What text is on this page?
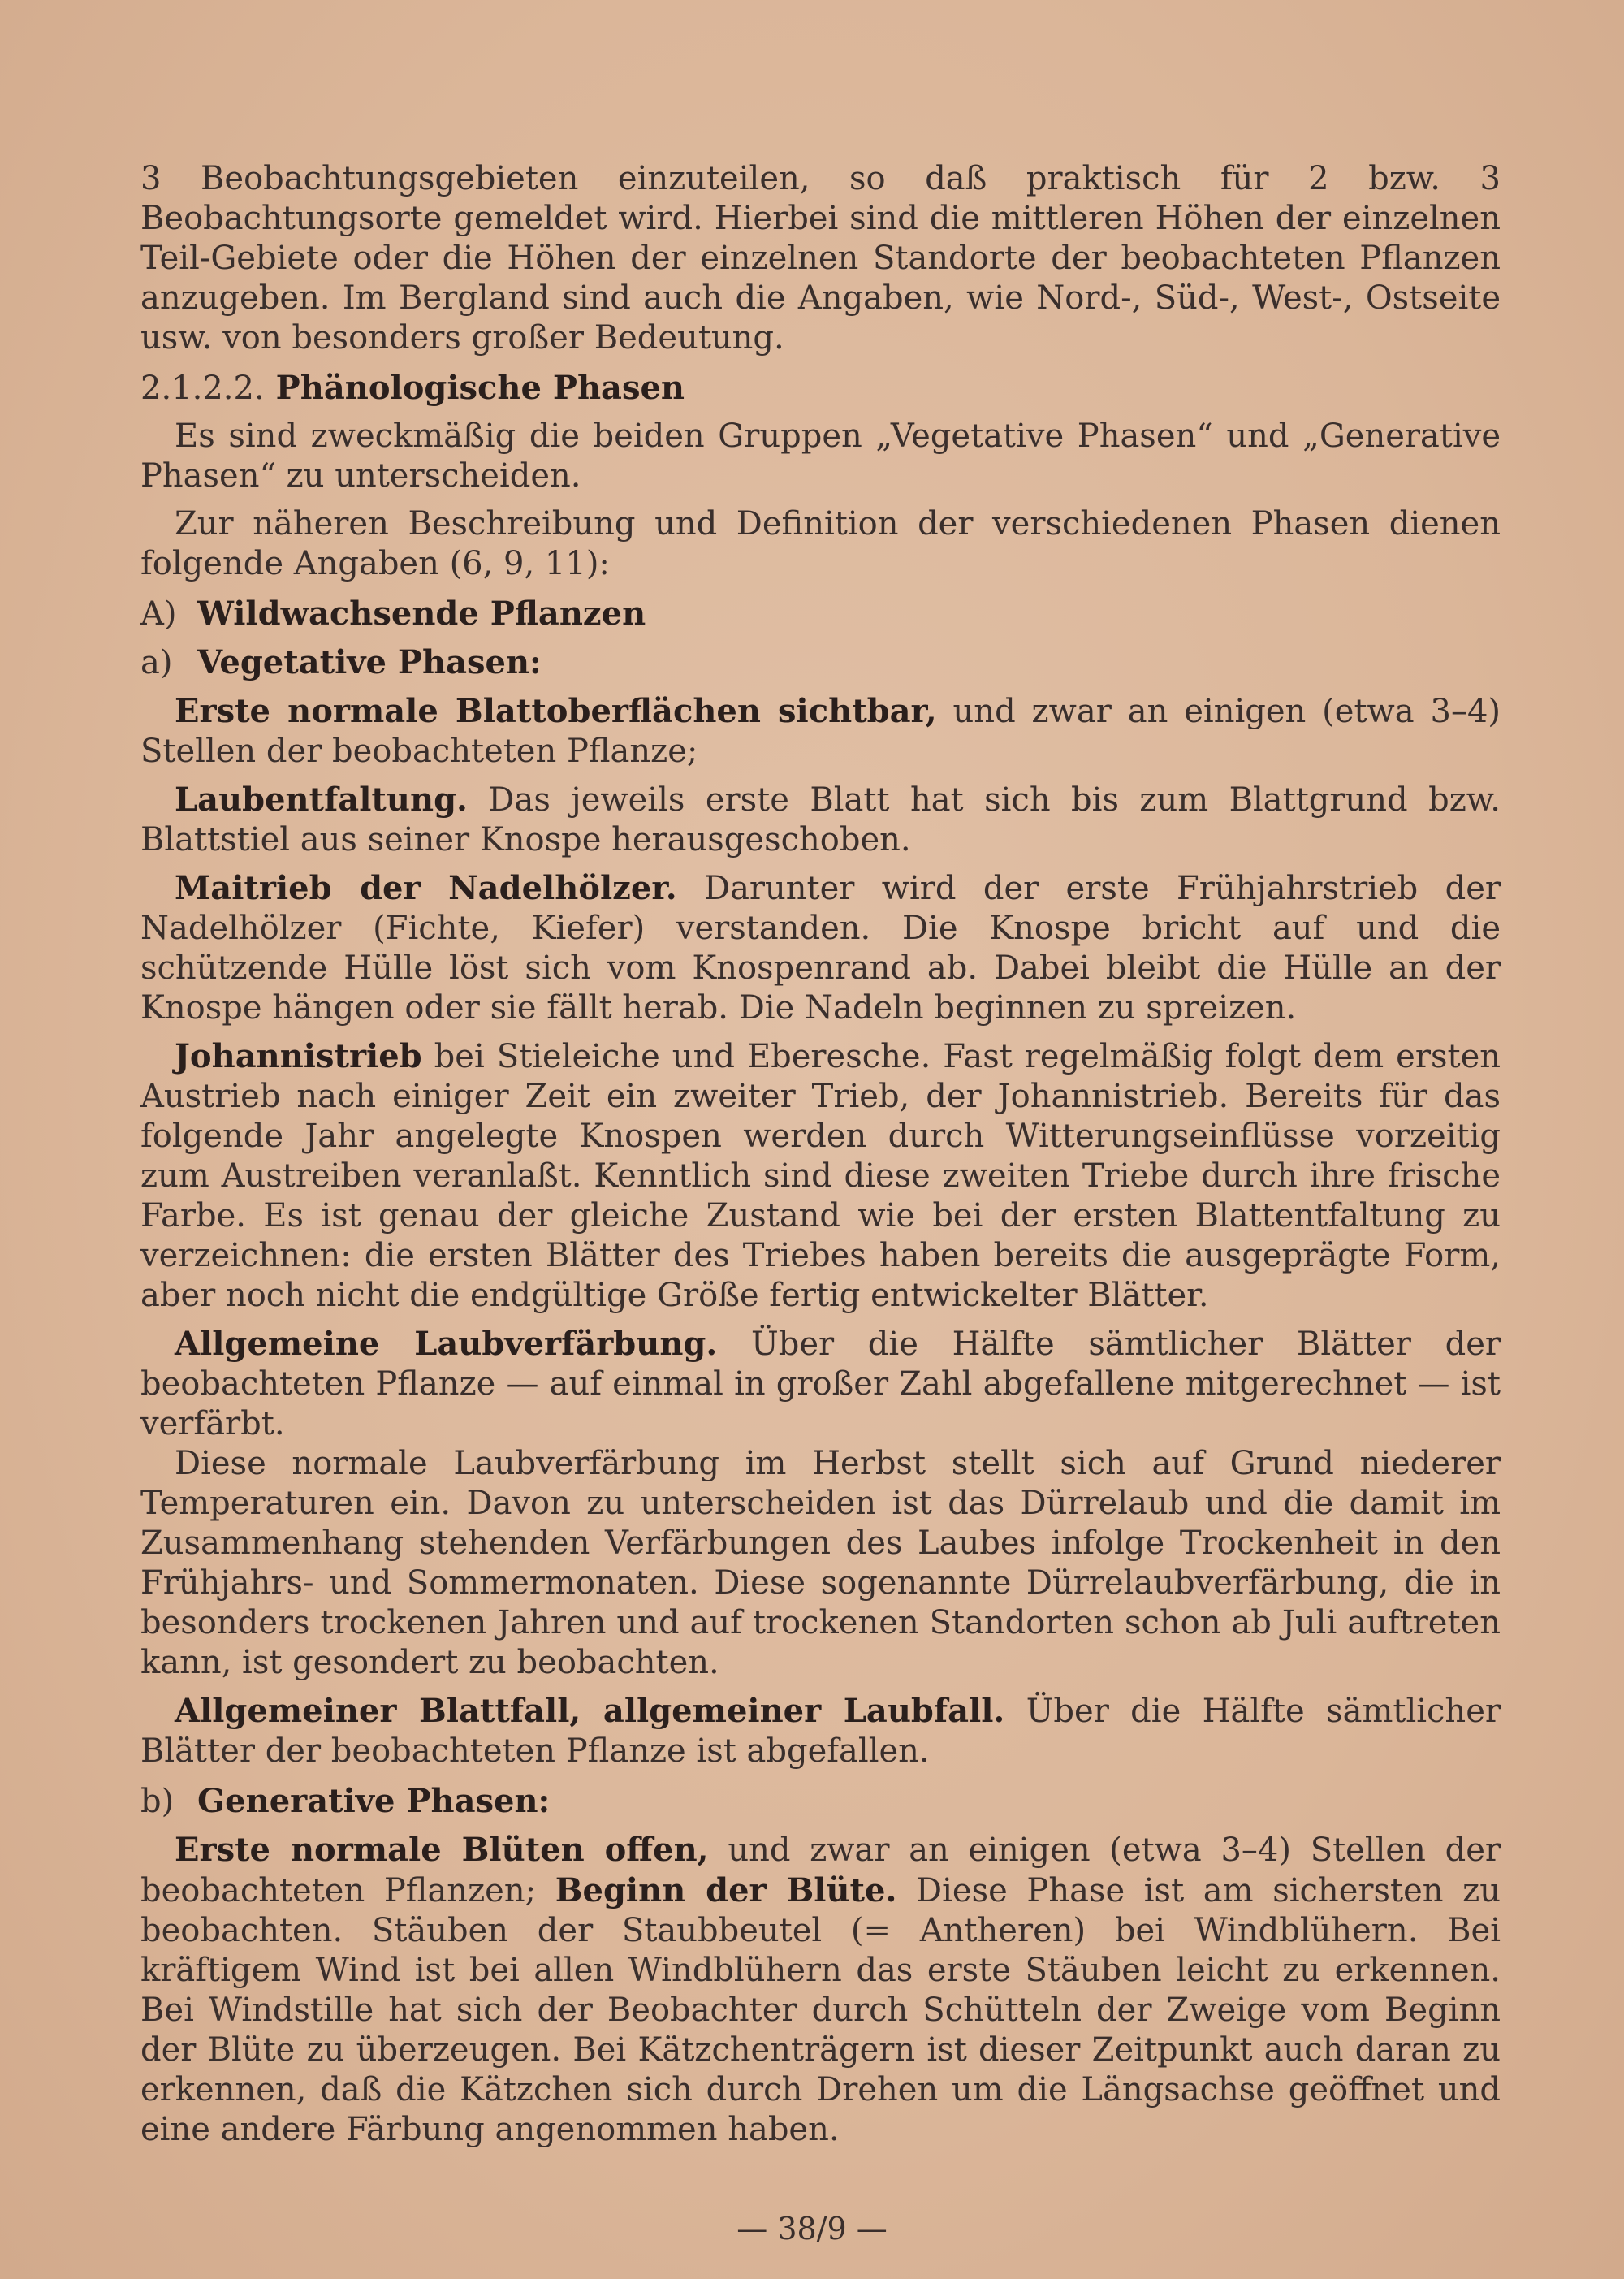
3 Beobachtungsgebieten einzuteilen, so daß praktisch für 2 bzw. 3 Beobachtungsorte gemeldet wird. Hierbei sind die mittleren Höhen der einzelnen Teil-Gebiete oder die Höhen der einzelnen Standorte der beobachteten Pflanzen anzugeben. Im Bergland sind auch die Angaben, wie Nord-, Süd-, West-, Ostseite usw. von besonders großer Bedeutung.

2.1.2.2. Phänologische Phasen

Es sind zweckmäßig die beiden Gruppen „Vegetative Phasen“ und „Generative Phasen“ zu unterscheiden.

Zur näheren Beschreibung und Definition der verschiedenen Phasen dienen folgende Angaben (6, 9, 11):

A) Wildwachsende Pflanzen

a) Vegetative Phasen:

Erste normale Blattoberflächen sichtbar, und zwar an einigen (etwa 3–4) Stellen der beobachteten Pflanze;

Laubentfaltung. Das jeweils erste Blatt hat sich bis zum Blattgrund bzw. Blattstiel aus seiner Knospe herausgeschoben.

Maitrieb der Nadelhölzer. Darunter wird der erste Frühjahrstrieb der Nadelhölzer (Fichte, Kiefer) verstanden. Die Knospe bricht auf und die schützende Hülle löst sich vom Knospenrand ab. Dabei bleibt die Hülle an der Knospe hängen oder sie fällt herab. Die Nadeln beginnen zu spreizen.

Johannistrieb bei Stieleiche und Eberesche. Fast regelmäßig folgt dem ersten Austrieb nach einiger Zeit ein zweiter Trieb, der Johannistrieb. Bereits für das folgende Jahr angelegte Knospen werden durch Witterungseinflüsse vorzeitig zum Austreiben veranlaßt. Kenntlich sind diese zweiten Triebe durch ihre frische Farbe. Es ist genau der gleiche Zustand wie bei der ersten Blattentfaltung zu verzeichnen: die ersten Blätter des Triebes haben bereits die ausgeprägte Form, aber noch nicht die endgültige Größe fertig entwickelter Blätter.

Allgemeine Laubverfärbung. Über die Hälfte sämtlicher Blätter der beobachteten Pflanze — auf einmal in großer Zahl abgefallene mitgerechnet — ist verfärbt.

Diese normale Laubverfärbung im Herbst stellt sich auf Grund niederer Temperaturen ein. Davon zu unterscheiden ist das Dürrelaub und die damit im Zusammenhang stehenden Verfärbungen des Laubes infolge Trockenheit in den Frühjahrs- und Sommermonaten. Diese sogenannte Dürrelaubverfärbung, die in besonders trockenen Jahren und auf trockenen Standorten schon ab Juli auftreten kann, ist gesondert zu beobachten.

Allgemeiner Blattfall, allgemeiner Laubfall. Über die Hälfte sämtlicher Blätter der beobachteten Pflanze ist abgefallen.

b) Generative Phasen:

Erste normale Blüten offen, und zwar an einigen (etwa 3–4) Stellen der beobachteten Pflanzen; Beginn der Blüte. Diese Phase ist am sichersten zu beobachten. Stäuben der Staubbeutel (= Antheren) bei Windblühern. Bei kräftigem Wind ist bei allen Windblühern das erste Stäuben leicht zu erkennen. Bei Windstille hat sich der Beobachter durch Schütteln der Zweige vom Beginn der Blüte zu überzeugen. Bei Kätzchenträgern ist dieser Zeitpunkt auch daran zu erkennen, daß die Kätzchen sich durch Drehen um die Längsachse geöffnet und eine andere Färbung angenommen haben.

— 38/9 —
